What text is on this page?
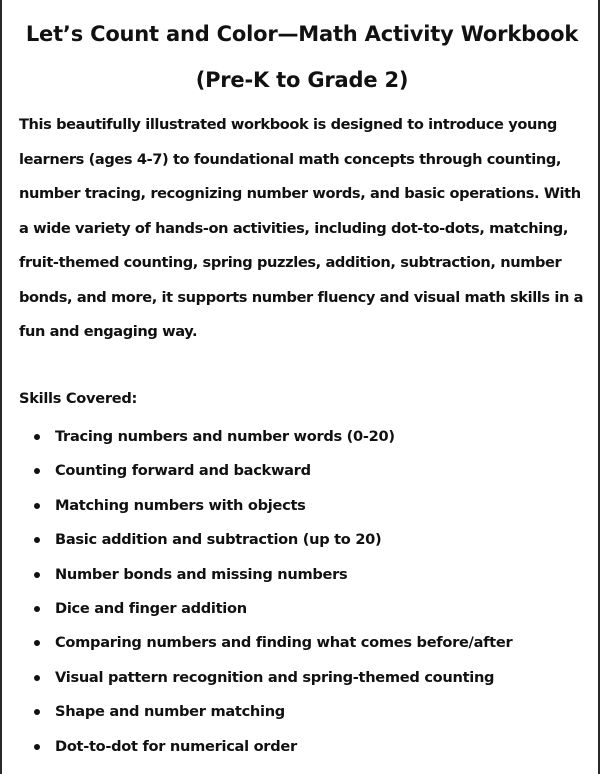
Let’s Count and Color—Math Activity Workbook
(Pre-K to Grade 2)

This beautifully illustrated workbook is designed to introduce young learners (ages 4-7) to foundational math concepts through counting, number tracing, recognizing number words, and basic operations. With a wide variety of hands-on activities, including dot-to-dots, matching, fruit-themed counting, spring puzzles, addition, subtraction, number bonds, and more, it supports number fluency and visual math skills in a fun and engaging way.

Skills Covered:
Tracing numbers and number words (0-20)
Counting forward and backward
Matching numbers with objects
Basic addition and subtraction (up to 20)
Number bonds and missing numbers
Dice and finger addition
Comparing numbers and finding what comes before/after
Visual pattern recognition and spring-themed counting
Shape and number matching
Dot-to-dot for numerical order
